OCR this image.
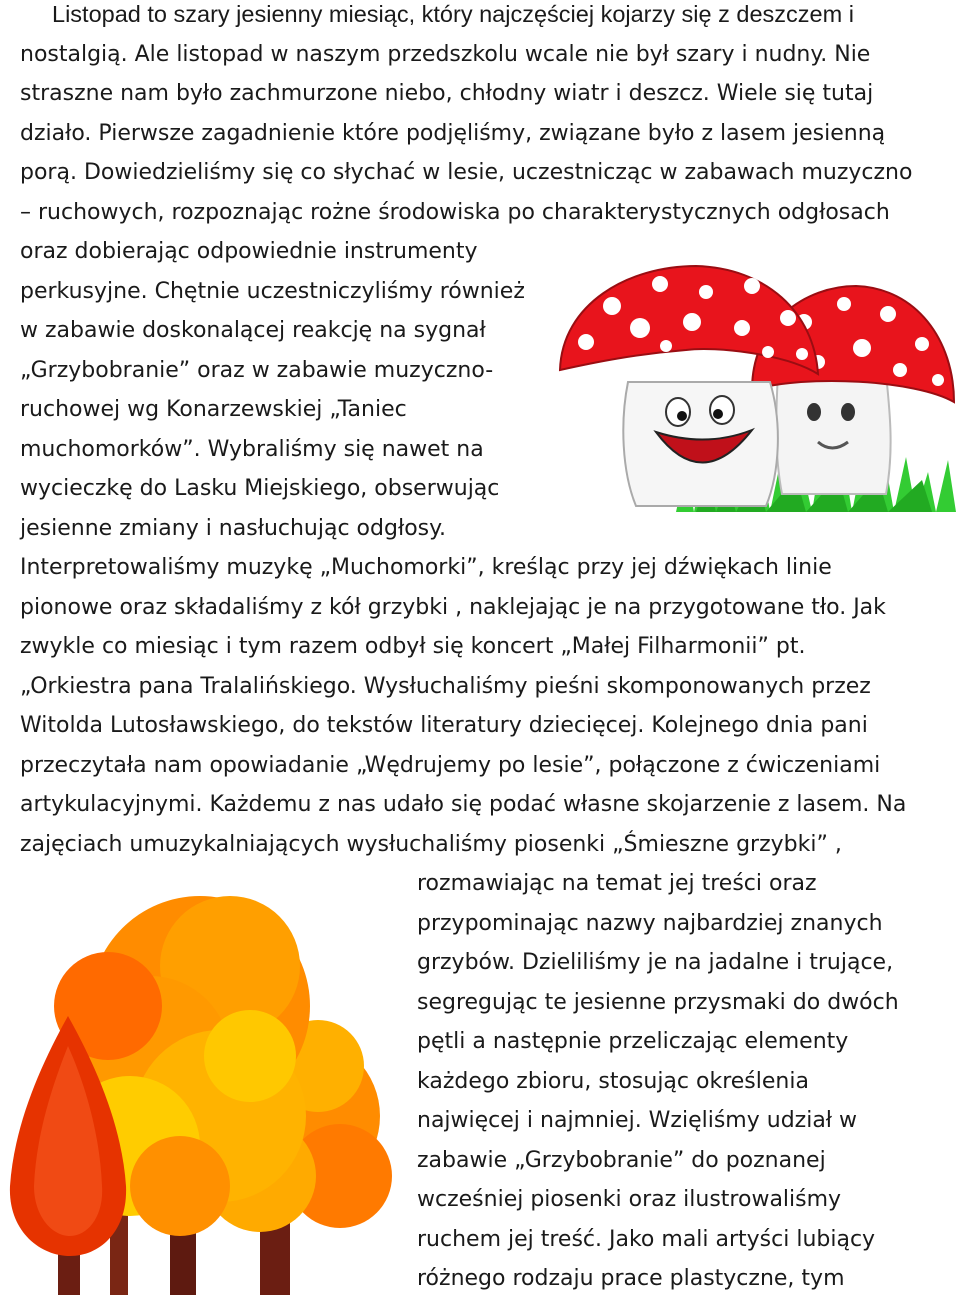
Listopad to szary jesienny miesiąc, który najczęściej kojarzy się z deszczem i
nostalgią. Ale listopad w naszym przedszkolu wcale nie był szary i nudny. Nie
straszne nam było zachmurzone niebo, chłodny wiatr i deszcz. Wiele się tutaj
działo. Pierwsze zagadnienie które podjęliśmy, związane było z lasem jesienną
porą. Dowiedzieliśmy się co słychać w lesie, uczestnicząc w zabawach muzyczno
– ruchowych, rozpoznając rożne środowiska po charakterystycznych odgłosach
oraz dobierając odpowiednie instrumenty
perkusyjne. Chętnie uczestniczyliśmy również
w zabawie doskonalącej reakcję na sygnał
„Grzybobranie” oraz w zabawie muzyczno-
ruchowej wg Konarzewskiej „Taniec
muchomorków”. Wybraliśmy się nawet na
wycieczkę do Lasku Miejskiego, obserwując
jesienne zmiany i nasłuchując odgłosy.
Interpretowaliśmy muzykę „Muchomorki”, kreśląc przy jej dźwiękach linie
pionowe oraz składaliśmy z kół grzybki , naklejając je na przygotowane tło. Jak
zwykle co miesiąc i tym razem odbył się koncert „Małej Filharmonii” pt.
„Orkiestra pana Tralalińskiego. Wysłuchaliśmy pieśni skomponowanych przez
Witolda Lutosławskiego, do tekstów literatury dziecięcej. Kolejnego dnia pani
przeczytała nam opowiadanie „Wędrujemy po lesie”, połączone z ćwiczeniami
artykulacyjnymi. Każdemu z nas udało się podać własne skojarzenie z lasem. Na
zajęciach umuzykalniających wysłuchaliśmy piosenki „Śmieszne grzybki” ,
rozmawiając na temat jej treści oraz
przypominając nazwy najbardziej znanych
grzybów. Dzieliliśmy je na jadalne i trujące,
segregując te jesienne przysmaki do dwóch
pętli a następnie przeliczając elementy
każdego zbioru, stosując określenia
najwięcej i najmniej. Wzięliśmy udział w
zabawie „Grzybobranie” do poznanej
wcześniej piosenki oraz ilustrowaliśmy
ruchem jej treść. Jako mali artyści lubiący
różnego rodzaju prace plastyczne, tym
